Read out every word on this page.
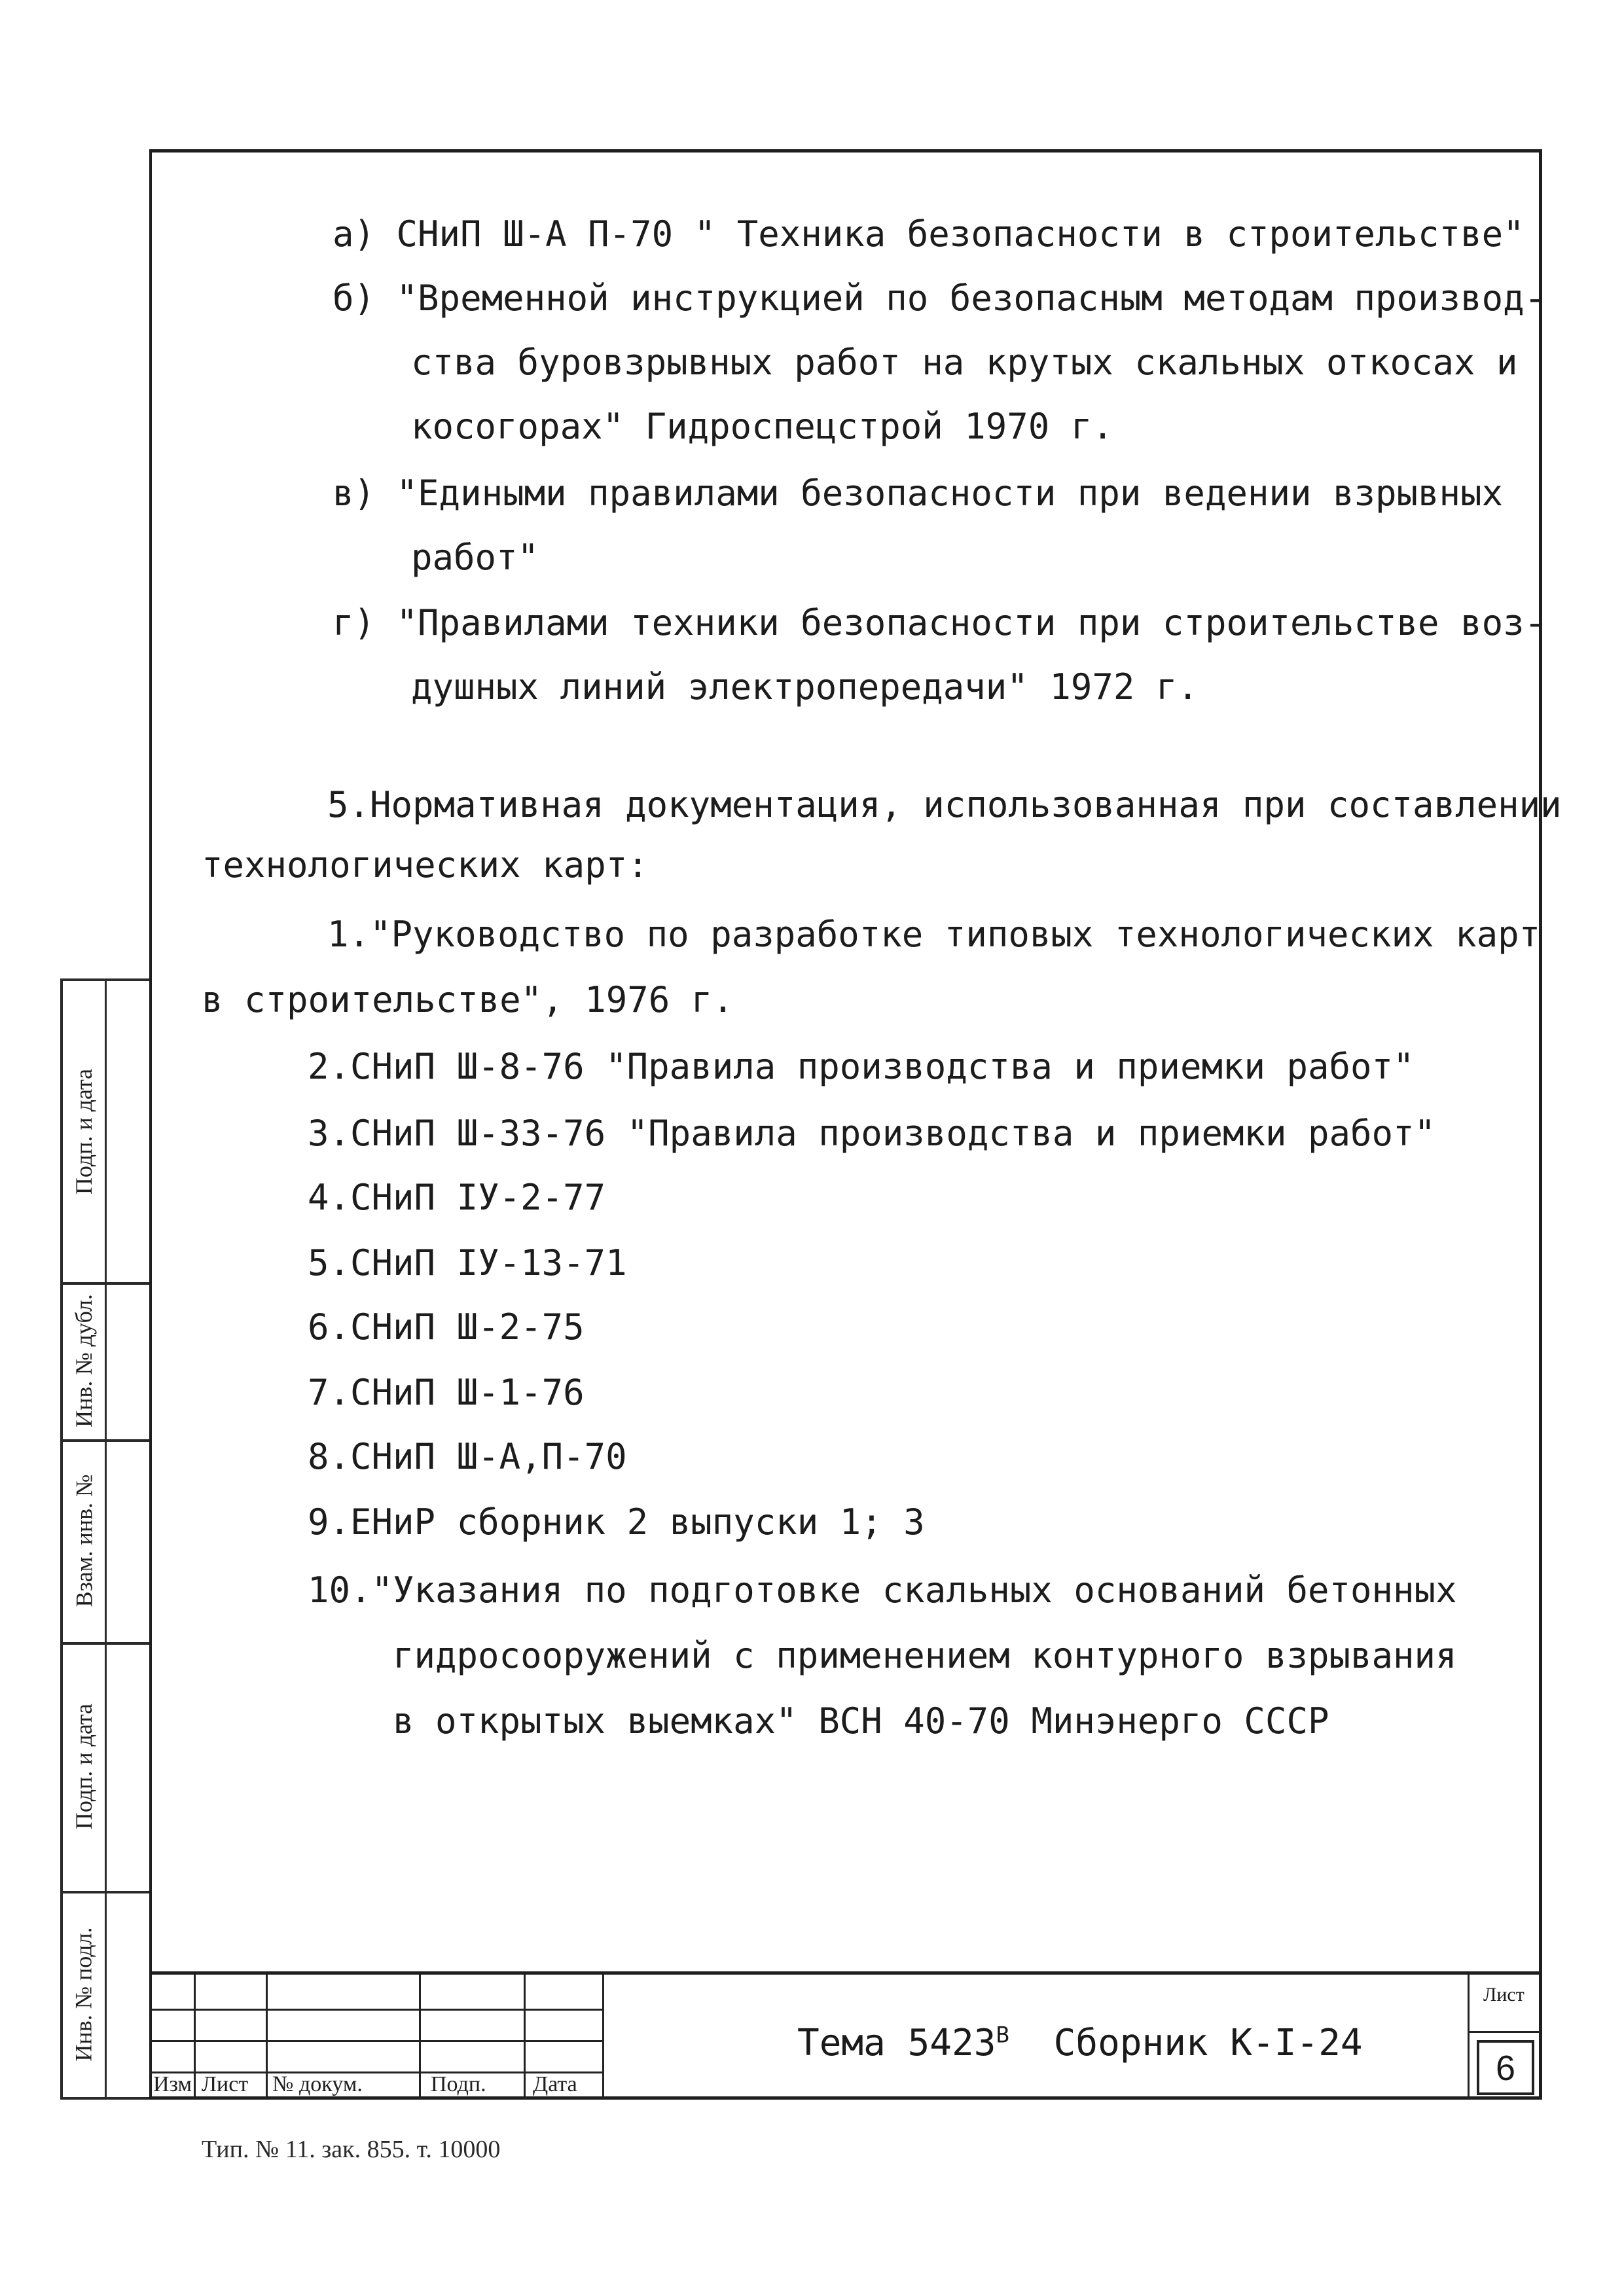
а) СНиП Ш-А П-70 " Техника безопасности в строительстве"
б) "Временной инструкцией по безопасным методам производ-
ства буровзрывных работ на крутых скальных откосах и
косогорах" Гидроспецстрой 1970 г.
в) "Едиными правилами безопасности при ведении взрывных
работ"
г) "Правилами техники безопасности при строительстве воз-
душных линий электропередачи" 1972 г.
5.Нормативная документация, использованная при составлении
технологических карт:
1."Руководство по разработке типовых технологических карт
в строительстве", 1976 г.
2.СНиП Ш-8-76 "Правила производства и приемки работ"
3.СНиП Ш-33-76 "Правила производства и приемки работ"
4.СНиП IУ-2-77
5.СНиП IУ-13-71
6.СНиП Ш-2-75
7.СНиП Ш-1-76
8.СНиП Ш-А,П-70
9.ЕНиР сборник 2 выпуски 1; 3
10."Указания по подготовке скальных оснований бетонных
гидросооружений с применением контурного взрывания
в открытых выемках" ВСН 40-70 Минэнерго СССР
Подп. и дата
Инв. № дубл.
Взам. инв. №
Подп. и дата
Инв. № подл.
Изм Лист № докум.	Подп. Дата
Тема $5423^В$ Сборник К-I-24
Лист
6
Тип. № 11. зак. 855. т. 10000
